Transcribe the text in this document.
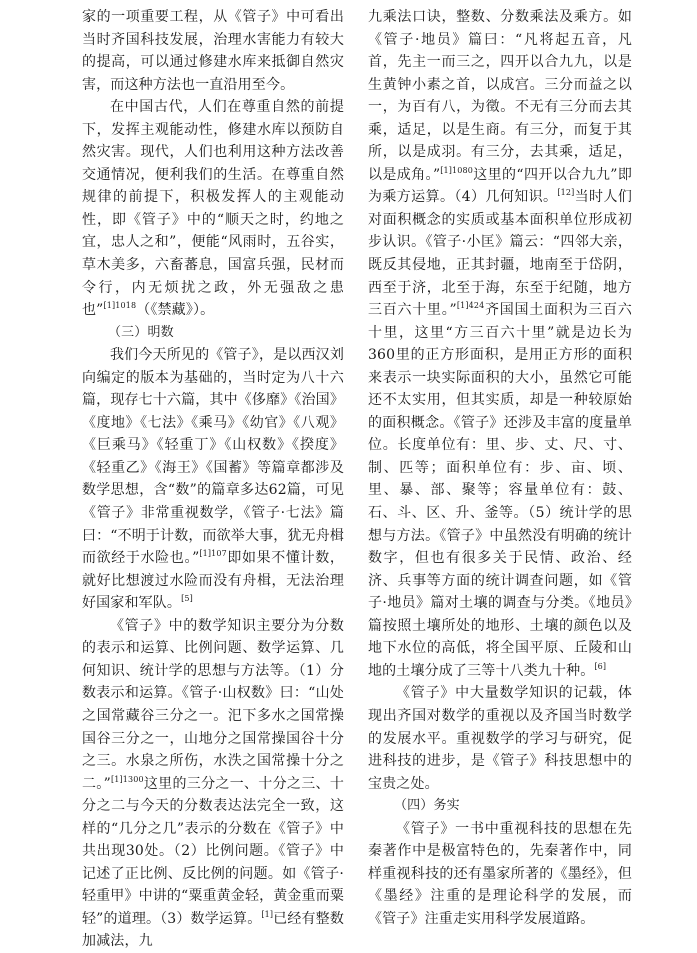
家的一项重要工程，从《管子》中可看出当时齐国科技发展，治理水害能力有较大的提高，可以通过修建水库来抵御自然灾害，而这种方法也一直沿用至今。

在中国古代，人们在尊重自然的前提下，发挥主观能动性，修建水库以预防自然灾害。现代，人们也利用这种方法改善交通情况，便利我们的生活。在尊重自然规律的前提下，积极发挥人的主观能动性，即《管子》中的“顺天之时，约地之宜，忠人之和”，便能“风雨时，五谷实，草木美多，六畜蕃息，国富兵强，民材而令行，内无烦扰之政，外无强敌之患也”$^{[1]1018}$（《禁藏》）。

（三）明数

我们今天所见的《管子》，是以西汉刘向编定的版本为基础的，当时定为八十六篇，现存七十六篇，其中《侈靡》《治国》《度地》《七法》《乘马》《幼官》《八观》《巨乘马》《轻重丁》《山权数》《揆度》《轻重乙》《海王》《国蓄》等篇章都涉及数学思想，含“数”的篇章多达62篇，可见《管子》非常重视数学，《管子·七法》篇曰：“不明于计数，而欲举大事，犹无舟楫而欲经于水险也。”$^{[1]107}$即如果不懂计数，就好比想渡过水险而没有舟楫，无法治理好国家和军队。[5]

《管子》中的数学知识主要分为分数的表示和运算、比例问题、数学运算、几何知识、统计学的思想与方法等。（1）分数表示和运算。《管子·山权数》曰：“山处之国常藏谷三分之一。汜下多水之国常操国谷三分之一，山地分之国常操国谷十分之三。水泉之所伤，水泆之国常操十分之二。”$^{[1]1300}$这里的三分之一、十分之三、十分之二与今天的分数表达法完全一致，这样的“几分之几”表示的分数在《管子》中共出现30处。（2）比例问题。《管子》中记述了正比例、反比例的问题。如《管子·轻重甲》中讲的“粟重黄金轻，黄金重而粟轻”的道理。（3）数学运算。[1]已经有整数加减法，九

九乘法口诀，整数、分数乘法及乘方。如《管子·地员》篇曰：“凡将起五音，凡首，先主一而三之，四开以合九九，以是生黄钟小素之首，以成宫。三分而益之以一，为百有八，为徵。不无有三分而去其乘，适足，以是生商。有三分，而复于其所，以是成羽。有三分，去其乘，适足，以是成角。”$^{[1]1080}$这里的“四开以合九九”即为乘方运算。（4）几何知识。[12]当时人们对面积概念的实质或基本面积单位形成初步认识。《管子·小匡》篇云：“四邻大亲，既反其侵地，正其封疆，地南至于岱阴，西至于济，北至于海，东至于纪随，地方三百六十里。”$^{[1]424}$齐国国土面积为三百六十里，这里“方三百六十里”就是边长为360里的正方形面积，是用正方形的面积来表示一块实际面积的大小，虽然它可能还不太实用，但其实质，却是一种较原始的面积概念。《管子》还涉及丰富的度量单位。长度单位有：里、步、丈、尺、寸、制、匹等；面积单位有：步、亩、顷、里、暴、部、聚等；容量单位有：鼓、石、斗、区、升、釜等。（5）统计学的思想与方法。《管子》中虽然没有明确的统计数字，但也有很多关于民情、政治、经济、兵事等方面的统计调查问题，如《管子·地员》篇对土壤的调查与分类。《地员》篇按照土壤所处的地形、土壤的颜色以及地下水位的高低，将全国平原、丘陵和山地的土壤分成了三等十八类九十种。[6]

《管子》中大量数学知识的记载，体现出齐国对数学的重视以及齐国当时数学的发展水平。重视数学的学习与研究，促进科技的进步，是《管子》科技思想中的宝贵之处。

（四）务实

《管子》一书中重视科技的思想在先秦著作中是极富特色的，先秦著作中，同样重视科技的还有墨家所著的《墨经》，但《墨经》注重的是理论科学的发展，而《管子》注重走实用科学发展道路。
